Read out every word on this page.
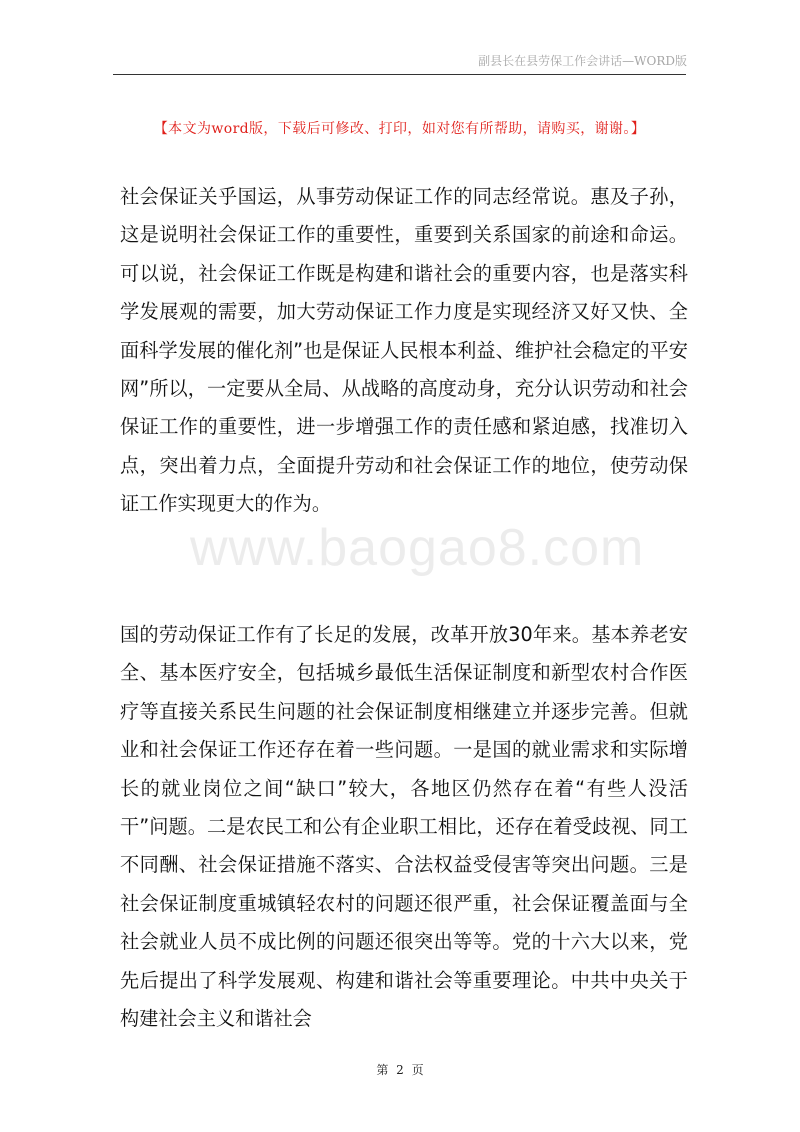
副县长在县劳保工作会讲话—WORD版
【本文为word版，下载后可修改、打印，如对您有所帮助，请购买，谢谢。】

社会保证关乎国运，从事劳动保证工作的同志经常说。惠及子孙，这是说明社会保证工作的重要性，重要到关系国家的前途和命运。可以说，社会保证工作既是构建和谐社会的重要内容，也是落实科学发展观的需要，加大劳动保证工作力度是实现经济又好又快、全面科学发展的催化剂”也是保证人民根本利益、维护社会稳定的平安网”所以，一定要从全局、从战略的高度动身，充分认识劳动和社会保证工作的重要性，进一步增强工作的责任感和紧迫感，找准切入点，突出着力点，全面提升劳动和社会保证工作的地位，使劳动保证工作实现更大的作为。

www.baogao8.com

国的劳动保证工作有了长足的发展，改革开放30年来。基本养老安全、基本医疗安全，包括城乡最低生活保证制度和新型农村合作医疗等直接关系民生问题的社会保证制度相继建立并逐步完善。但就业和社会保证工作还存在着一些问题。一是国的就业需求和实际增长的就业岗位之间“缺口”较大，各地区仍然存在着“有些人没活干”问题。二是农民工和公有企业职工相比，还存在着受歧视、同工不同酬、社会保证措施不落实、合法权益受侵害等突出问题。三是社会保证制度重城镇轻农村的问题还很严重，社会保证覆盖面与全社会就业人员不成比例的问题还很突出等等。党的十六大以来，党先后提出了科学发展观、构建和谐社会等重要理论。中共中央关于构建社会主义和谐社会

第 2 页
